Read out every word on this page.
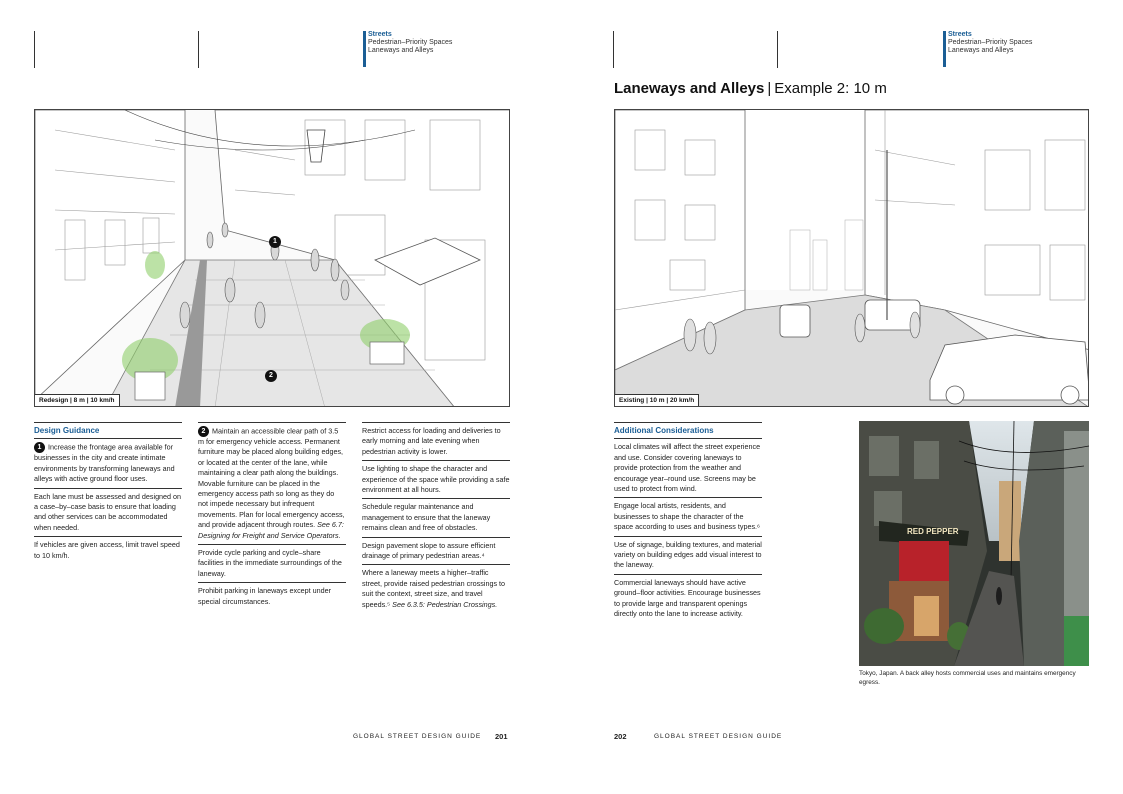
Streets
Pedestrian–Priority Spaces
Laneways and Alleys
Streets
Pedestrian–Priority Spaces
Laneways and Alleys
Laneways and Alleys | Example 2: 10 m
1
2
Redesign | 8 m | 10 km/h	Existing | 10 m | 20 km/h
Design Guidance
1 Increase the frontage area available for businesses in the city and create intimate environments by transforming laneways and alleys with active ground floor uses.
Each lane must be assessed and designed on a case–by–case basis to ensure that loading and other services can be accommodated when needed.
If vehicles are given access, limit travel speed to 10 km/h.
2 Maintain an accessible clear path of 3.5 m for emergency vehicle access. Permanent furniture may be placed along building edges, or located at the center of the lane, while maintaining a clear path along the buildings. Movable furniture can be placed in the emergency access path so long as they do not impede necessary but infrequent movements. Plan for local emergency access, and provide adjacent through routes. See 6.7: Designing for Freight and Service Operators.
Provide cycle parking and cycle–share facilities in the immediate surroundings of the laneway.
Prohibit parking in laneways except under special circumstances.
Restrict access for loading and deliveries to early morning and late evening when pedestrian activity is lower.
Use lighting to shape the character and experience of the space while providing a safe environment at all hours.
Schedule regular maintenance and management to ensure that the laneway remains clean and free of obstacles.
Design pavement slope to assure efficient drainage of primary pedestrian areas.⁴
Where a laneway meets a higher–traffic street, provide raised pedestrian crossings to suit the context, street size, and travel speeds.⁵ See 6.3.5: Pedestrian Crossings.
Additional Considerations
Local climates will affect the street experience and use. Consider covering laneways to provide protection from the weather and encourage year–round use. Screens may be used to protect from wind.
Engage local artists, residents, and businesses to shape the character of the space according to uses and business types.⁶
Use of signage, building textures, and material variety on building edges add visual interest to the laneway.
Commercial laneways should have active ground–floor activities. Encourage businesses to provide large and transparent openings directly onto the lane to increase activity.
RED PEPPER
Tokyo, Japan. A back alley hosts commercial uses and maintains emergency egress.
GLOBAL STREET DESIGN GUIDE 201	202	GLOBAL STREET DESIGN GUIDE
